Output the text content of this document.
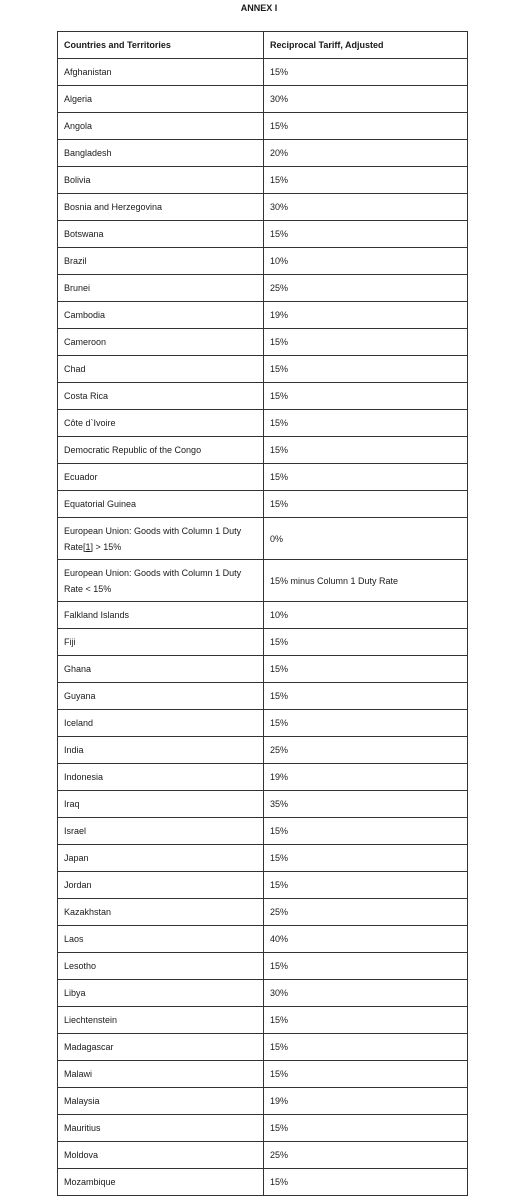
ANNEX I
Countries and Territories	Reciprocal Tariff, Adjusted
Afghanistan	15%
Algeria	30%
Angola	15%
Bangladesh	20%
Bolivia	15%
Bosnia and Herzegovina	30%
Botswana	15%
Brazil	10%
Brunei	25%
Cambodia	19%
Cameroon	15%
Chad	15%
Costa Rica	15%
Côte d`Ivoire	15%
Democratic Republic of the Congo	15%
Ecuador	15%
Equatorial Guinea	15%
European Union: Goods with Column 1 Duty Rate[1] > 15%	0%
European Union: Goods with Column 1 Duty Rate < 15%	15% minus Column 1 Duty Rate
Falkland Islands	10%
Fiji	15%
Ghana	15%
Guyana	15%
Iceland	15%
India	25%
Indonesia	19%
Iraq	35%
Israel	15%
Japan	15%
Jordan	15%
Kazakhstan	25%
Laos	40%
Lesotho	15%
Libya	30%
Liechtenstein	15%
Madagascar	15%
Malawi	15%
Malaysia	19%
Mauritius	15%
Moldova	25%
Mozambique	15%
